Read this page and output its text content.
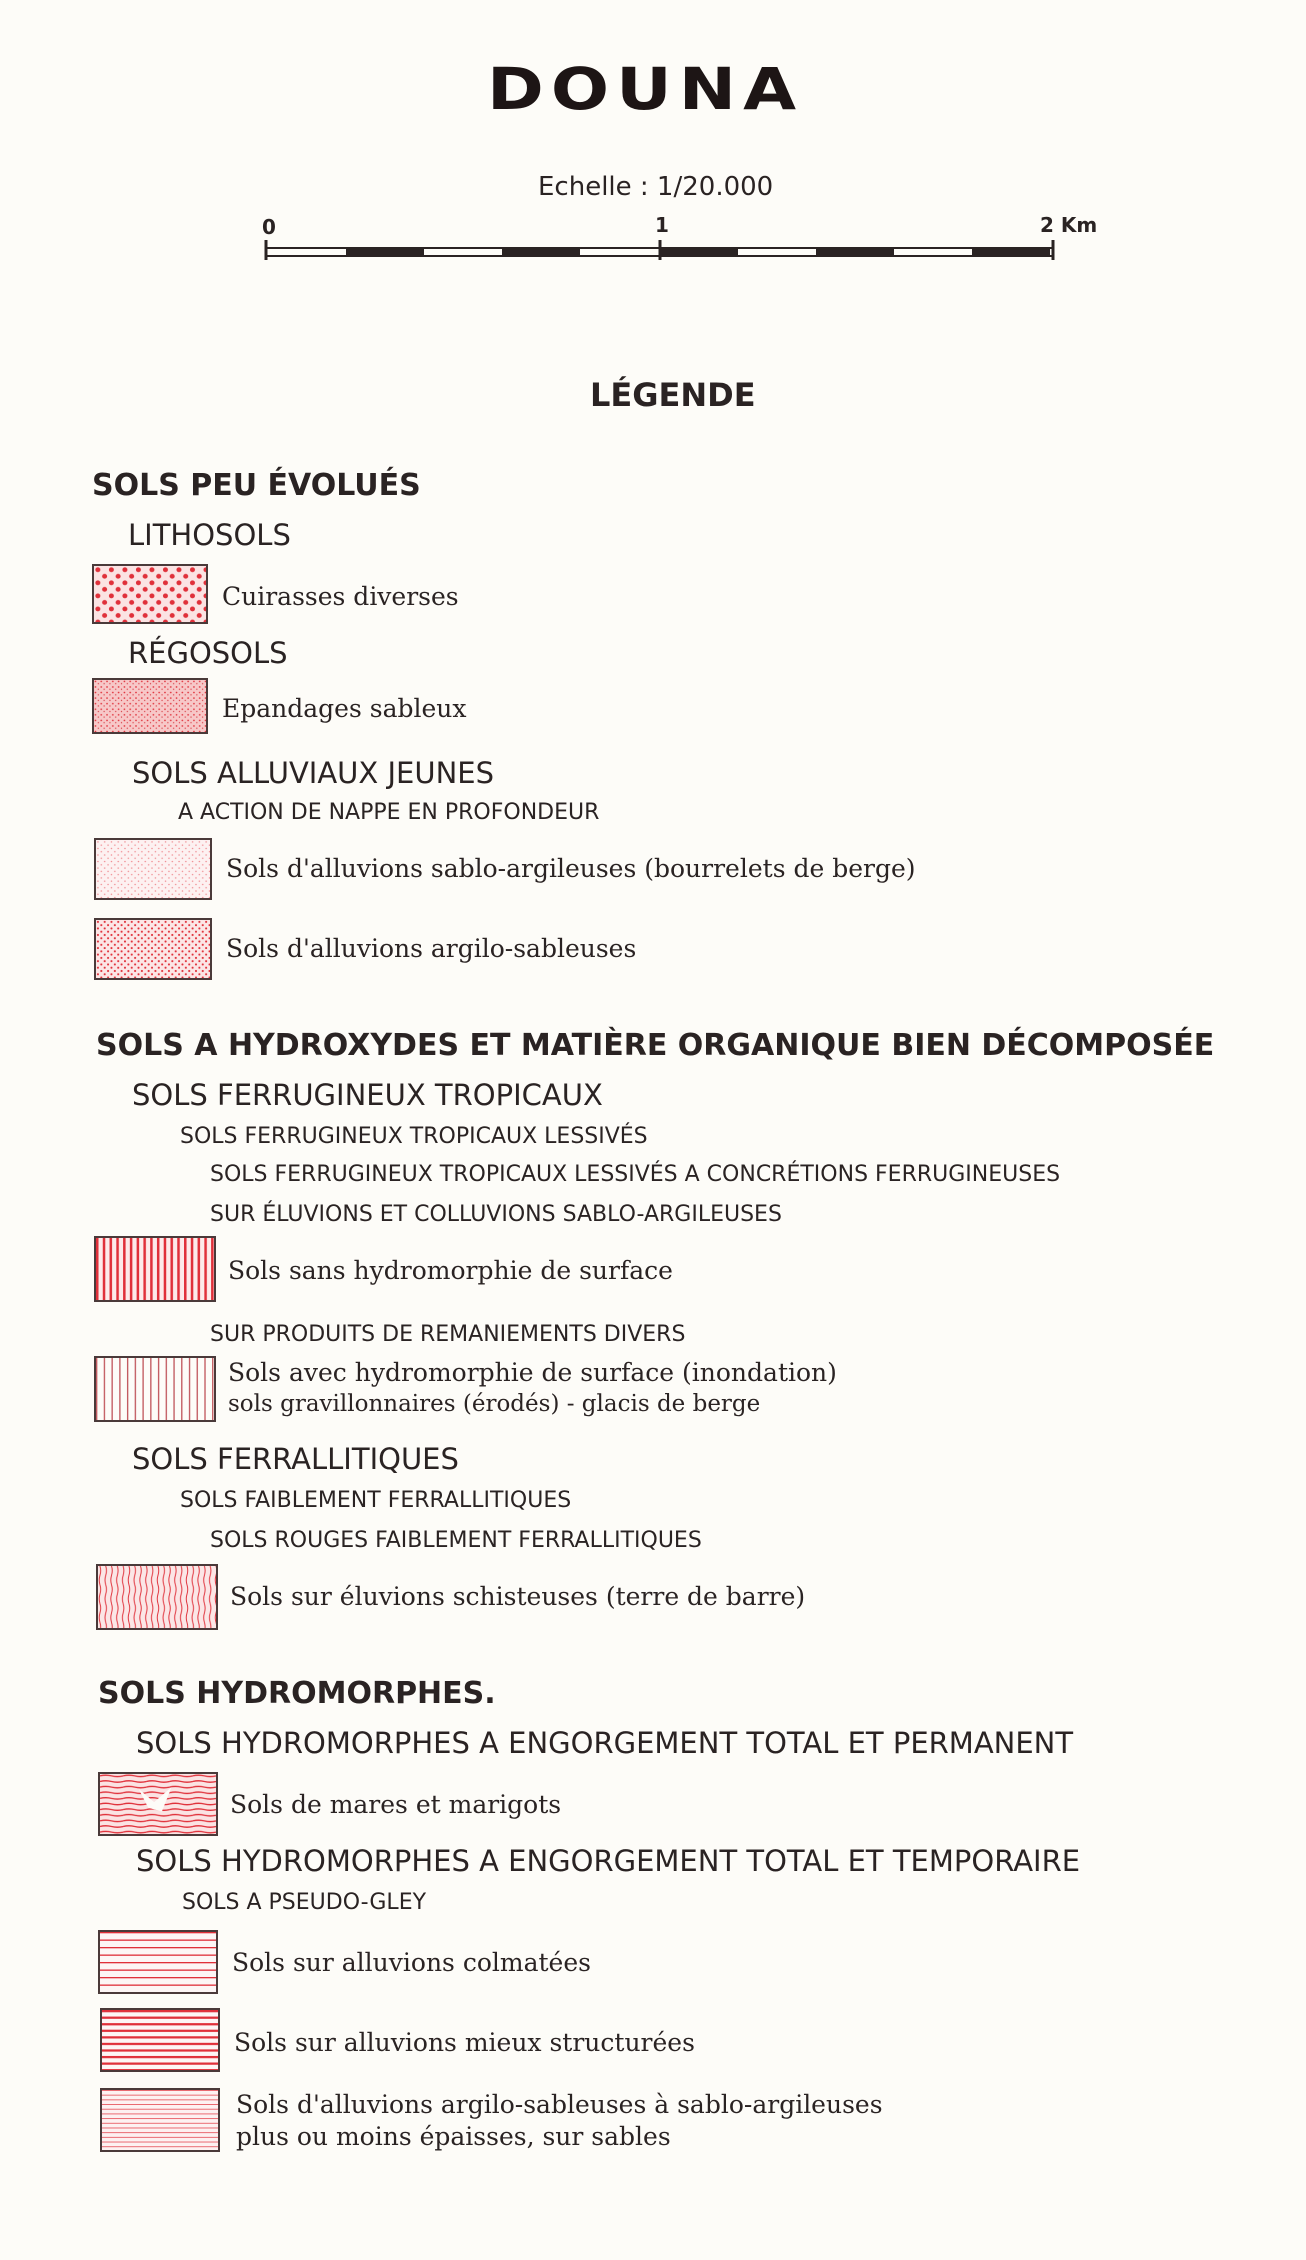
DOUNA
Echelle : 1/20.000
0	1	2 Km
LÉGENDE
SOLS PEU ÉVOLUÉS
LITHOSOLS
Cuirasses diverses
RÉGOSOLS
Epandages sableux
SOLS ALLUVIAUX JEUNES
A ACTION DE NAPPE EN PROFONDEUR
Sols d'alluvions sablo-argileuses (bourrelets de berge)
Sols d'alluvions argilo-sableuses
SOLS A HYDROXYDES ET MATIÈRE ORGANIQUE BIEN DÉCOMPOSÉE
SOLS FERRUGINEUX TROPICAUX
SOLS FERRUGINEUX TROPICAUX LESSIVÉS
SOLS FERRUGINEUX TROPICAUX LESSIVÉS A CONCRÉTIONS FERRUGINEUSES
SUR ÉLUVIONS ET COLLUVIONS SABLO-ARGILEUSES
Sols sans hydromorphie de surface
SUR PRODUITS DE REMANIEMENTS DIVERS
Sols avec hydromorphie de surface (inondation)
sols gravillonnaires (érodés) - glacis de berge
SOLS FERRALLITIQUES
SOLS FAIBLEMENT FERRALLITIQUES
SOLS ROUGES FAIBLEMENT FERRALLITIQUES
Sols sur éluvions schisteuses (terre de barre)
SOLS HYDROMORPHES.
SOLS HYDROMORPHES A ENGORGEMENT TOTAL ET PERMANENT
Sols de mares et marigots
SOLS HYDROMORPHES A ENGORGEMENT TOTAL ET TEMPORAIRE
SOLS A PSEUDO-GLEY
Sols sur alluvions colmatées
Sols sur alluvions mieux structurées
Sols d'alluvions argilo-sableuses à sablo-argileuses
plus ou moins épaisses, sur sables
